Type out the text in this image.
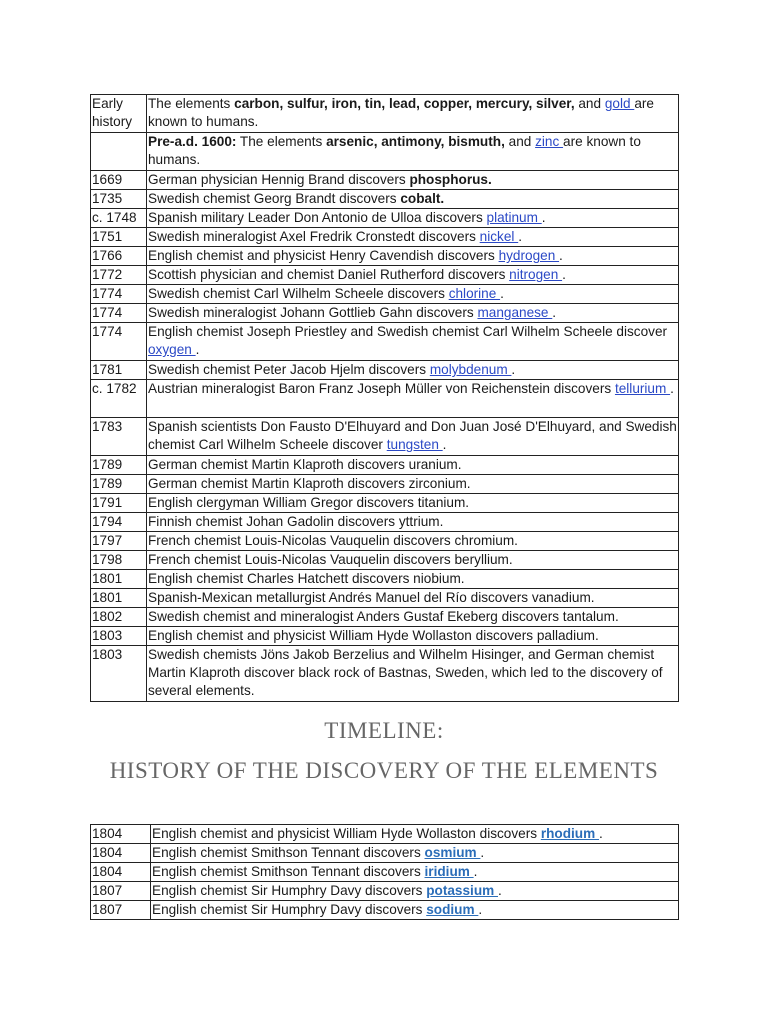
Early history	The elements carbon, sulfur, iron, tin, lead, copper, mercury, silver, and gold are known to humans.
	Pre-a.d. 1600: The elements arsenic, antimony, bismuth, and zinc are known to humans.
1669	German physician Hennig Brand discovers phosphorus.
1735	Swedish chemist Georg Brandt discovers cobalt.
c. 1748	Spanish military Leader Don Antonio de Ulloa discovers platinum .
1751	Swedish mineralogist Axel Fredrik Cronstedt discovers nickel .
1766	English chemist and physicist Henry Cavendish discovers hydrogen .
1772	Scottish physician and chemist Daniel Rutherford discovers nitrogen .
1774	Swedish chemist Carl Wilhelm Scheele discovers chlorine .
1774	Swedish mineralogist Johann Gottlieb Gahn discovers manganese .
1774	English chemist Joseph Priestley and Swedish chemist Carl Wilhelm Scheele discover oxygen .
1781	Swedish chemist Peter Jacob Hjelm discovers molybdenum .
c. 1782	Austrian mineralogist Baron Franz Joseph Müller von Reichenstein discovers tellurium .
1783	Spanish scientists Don Fausto D'Elhuyard and Don Juan José D'Elhuyard, and Swedish chemist Carl Wilhelm Scheele discover tungsten .
1789	German chemist Martin Klaproth discovers uranium.
1789	German chemist Martin Klaproth discovers zirconium.
1791	English clergyman William Gregor discovers titanium.
1794	Finnish chemist Johan Gadolin discovers yttrium.
1797	French chemist Louis-Nicolas Vauquelin discovers chromium.
1798	French chemist Louis-Nicolas Vauquelin discovers beryllium.
1801	English chemist Charles Hatchett discovers niobium.
1801	Spanish-Mexican metallurgist Andrés Manuel del Río discovers vanadium.
1802	Swedish chemist and mineralogist Anders Gustaf Ekeberg discovers tantalum.
1803	English chemist and physicist William Hyde Wollaston discovers palladium.
1803	Swedish chemists Jöns Jakob Berzelius and Wilhelm Hisinger, and German chemist Martin Klaproth discover black rock of Bastnas, Sweden, which led to the discovery of several elements.
TIMELINE:
HISTORY OF THE DISCOVERY OF THE ELEMENTS
1804	English chemist and physicist William Hyde Wollaston discovers rhodium .
1804	English chemist Smithson Tennant discovers osmium .
1804	English chemist Smithson Tennant discovers iridium .
1807	English chemist Sir Humphry Davy discovers potassium .
1807	English chemist Sir Humphry Davy discovers sodium .
